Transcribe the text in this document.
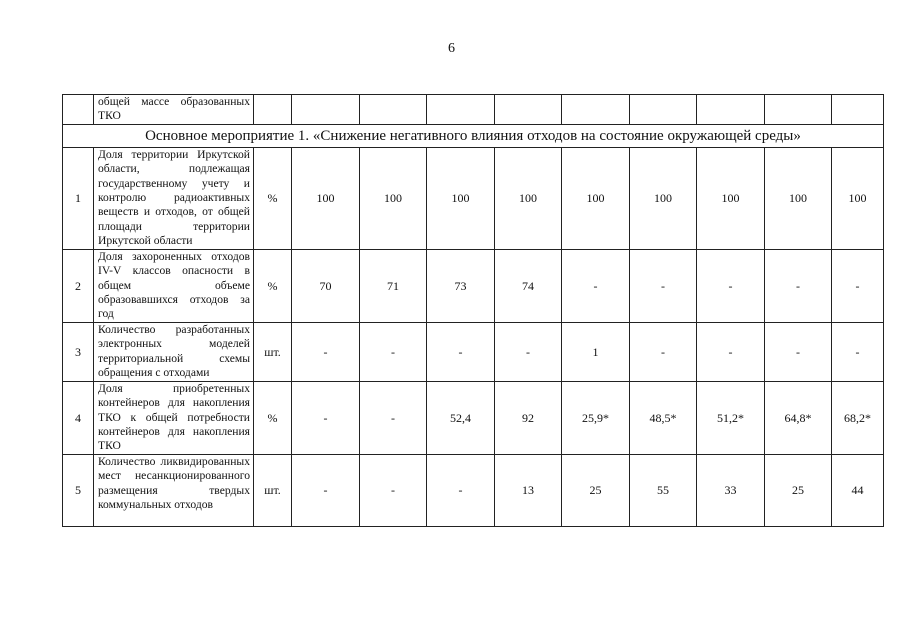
6
	общей массе образованных ТКО										
Основное мероприятие 1. «Снижение негативного влияния отходов на состояние окружающей среды»											
1	Доля территории Иркутской области, подлежащая государственному учету и контролю радиоактивных веществ и отходов, от общей площади территории Иркутской области	%	100	100	100	100	100	100	100	100	100
2	Доля захороненных отходов IV-V классов опасности в общем объеме образовавшихся отходов за год	%	70	71	73	74	-	-	-	-	-
3	Количество разработанных электронных моделей территориальной схемы обращения с отходами	шт.	-	-	-	-	1	-	-	-	-
4	Доля приобретенных контейнеров для накопления ТКО к общей потребности контейнеров для накопления ТКО	%	-	-	52,4	92	25,9*	48,5*	51,2*	64,8*	68,2*
5	Количество ликвидированных мест несанкционированного размещения твердых коммунальных отходов	шт.	-	-	-	13	25	55	33	25	44
